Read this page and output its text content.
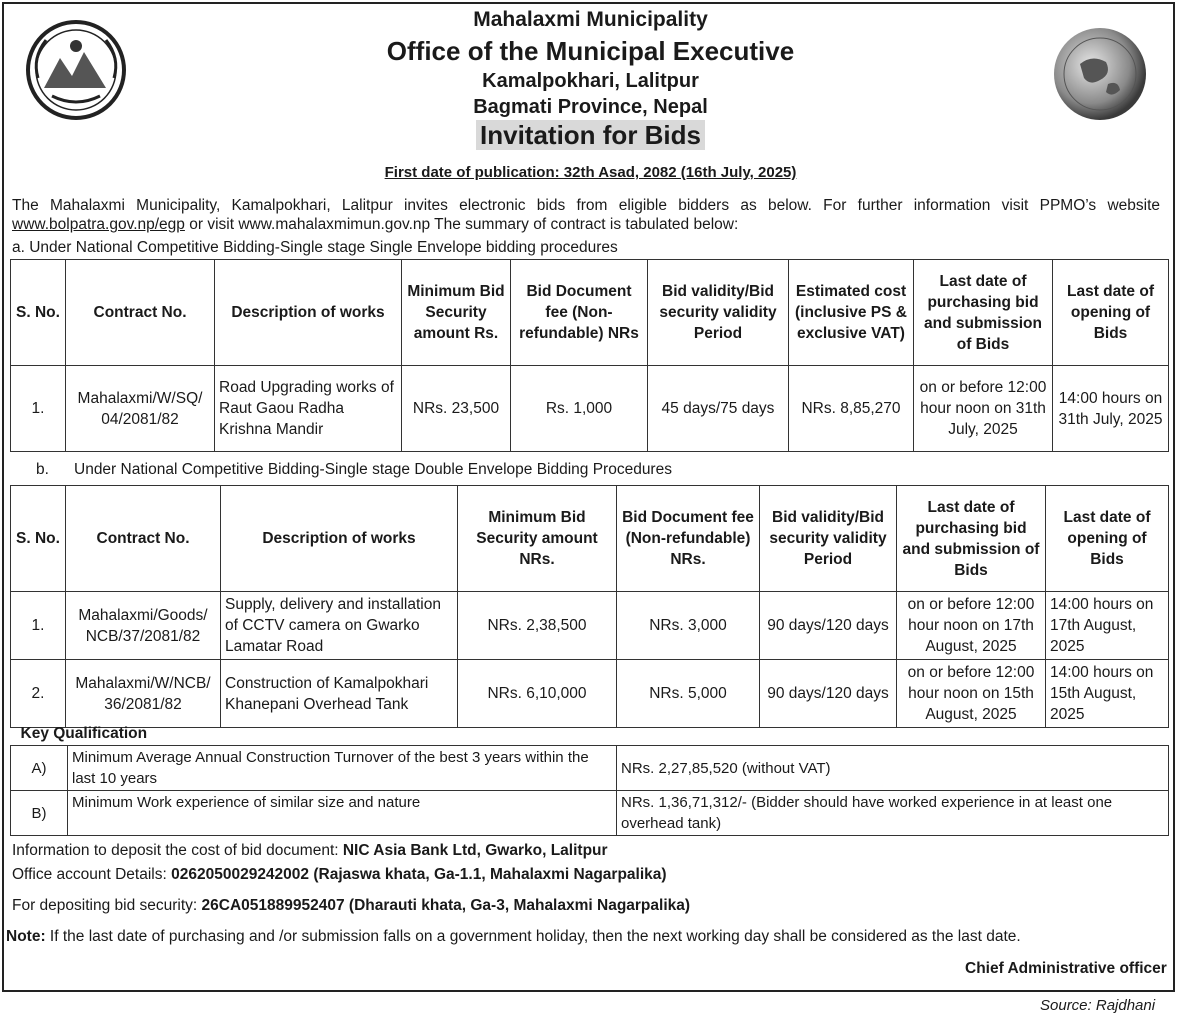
Mahalaxmi Municipality
Office of the Municipal Executive
Kamalpokhari, Lalitpur
Bagmati Province, Nepal
Invitation for Bids
First date of publication: 32th Asad, 2082 (16th July, 2025)
The Mahalaxmi Municipality, Kamalpokhari, Lalitpur invites electronic bids from eligible bidders as below. For further information visit PPMO’s website www.bolpatra.gov.np/egp or visit www.mahalaxmimun.gov.np The summary of contract is tabulated below:
a. Under National Competitive Bidding-Single stage Single Envelope bidding procedures
S. No.	Contract No.	Description of works	Minimum Bid Security amount Rs.	Bid Document fee (Non-refundable) NRs	Bid validity/Bid security validity Period	Estimated cost (inclusive PS & exclusive VAT)	Last date of purchasing bid and submission of Bids	Last date of opening of Bids
1.	Mahalaxmi/W/SQ/ 04/2081/82	Road Upgrading works of Raut Gaou Radha Krishna Mandir	NRs. 23,500	Rs. 1,000	45 days/75 days	NRs. 8,85,270	on or before 12:00 hour noon on 31th July, 2025	14:00 hours on 31th July, 2025
b. Under National Competitive Bidding-Single stage Double Envelope Bidding Procedures
S. No.	Contract No.	Description of works	Minimum Bid Security amount NRs.	Bid Document fee (Non-refundable) NRs.	Bid validity/Bid security validity Period	Last date of purchasing bid and submission of Bids	Last date of opening of Bids
1.	Mahalaxmi/Goods/ NCB/37/2081/82	Supply, delivery and installation of CCTV camera on Gwarko Lamatar Road	NRs. 2,38,500	NRs. 3,000	90 days/120 days	on or before 12:00 hour noon on 17th August, 2025	14:00 hours on 17th August, 2025
2.	Mahalaxmi/W/NCB/ 36/2081/82	Construction of Kamalpokhari Khanepani Overhead Tank	NRs. 6,10,000	NRs. 5,000	90 days/120 days	on or before 12:00 hour noon on 15th August, 2025	14:00 hours on 15th August, 2025
Key Qualification		
A)	Minimum Average Annual Construction Turnover of the best 3 years within the last 10 years	NRs. 2,27,85,520 (without VAT)
B)	Minimum Work experience of similar size and nature	NRs. 1,36,71,312/- (Bidder should have worked experience in at least one overhead tank)
Information to deposit the cost of bid document: NIC Asia Bank Ltd, Gwarko, Lalitpur
Office account Details: 0262050029242002 (Rajaswa khata, Ga-1.1, Mahalaxmi Nagarpalika)
For depositing bid security: 26CA051889952407 (Dharauti khata, Ga-3, Mahalaxmi Nagarpalika)
Note: If the last date of purchasing and /or submission falls on a government holiday, then the next working day shall be considered as the last date.
Chief Administrative officer
Source: Rajdhani
